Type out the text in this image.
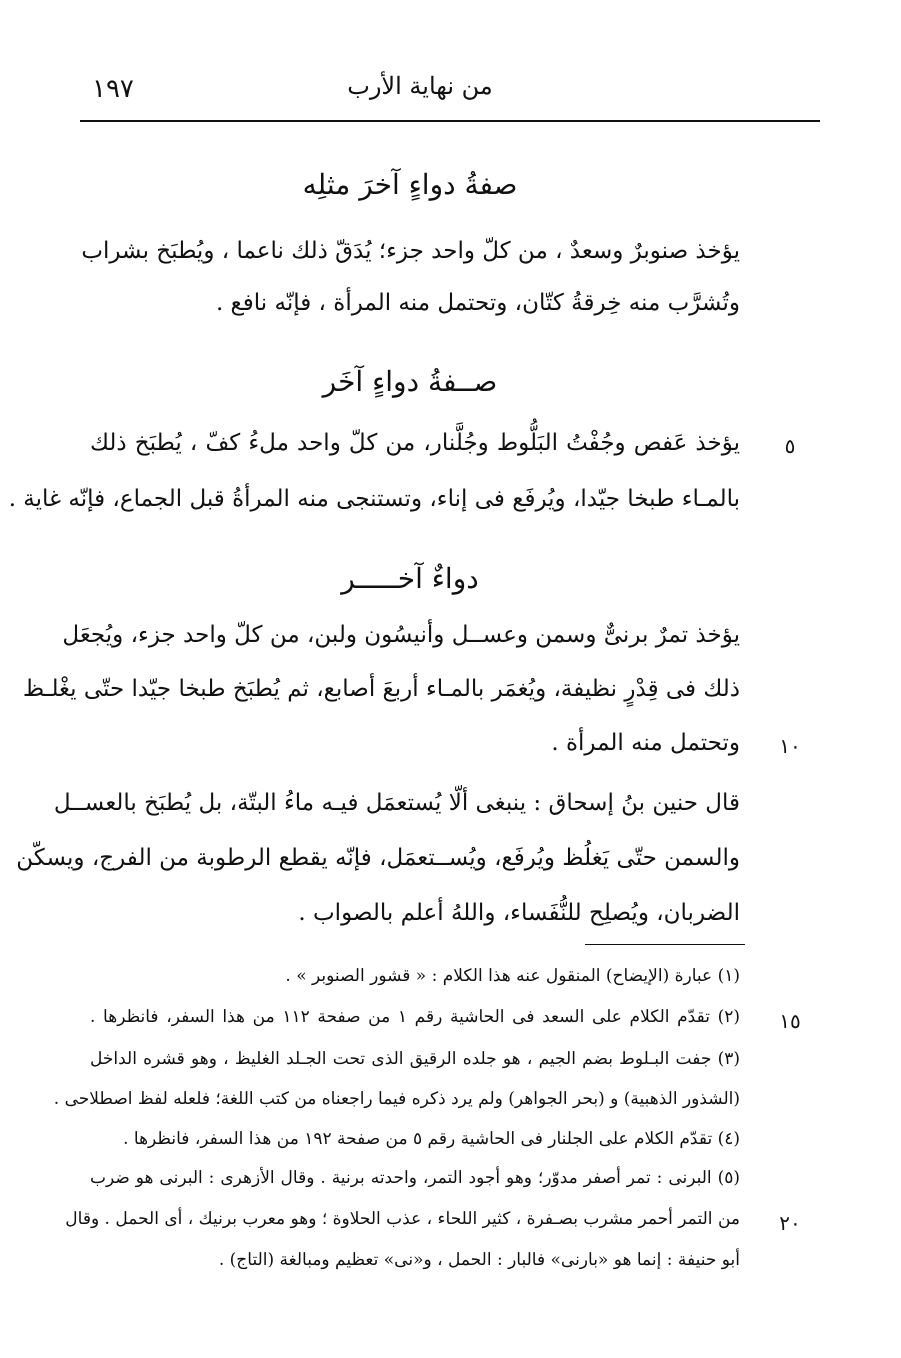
١٩٧	من نهاية الأرب
صفةُ دواءٍ آخرَ مثلِه
يؤخذ صنوبرٌ وسعدٌ ، من كلّ واحد جزء؛ يُدَقّ ذلك ناعما ، ويُطبَخ بشراب
وتُشرَّب منه خِرقةُ كتّان، وتحتمل منه المرأة ، فإنّه نافع .
صــفةُ دواءٍ آخَر
يؤخذ عَفص وجُفْتُ البَلُّوط وجُلَّنار، من كلّ واحد ملءُ كفّ ، يُطبَخ ذلك	٥
بالمـاء طبخا جيّدا، ويُرفَع فى إناء، وتستنجى منه المرأةُ قبل الجماع، فإنّه غاية .
دواءٌ آخـــــر
يؤخذ تمرٌ برنىٌّ وسمن وعســل وأنيسُون ولبن، من كلّ واحد جزء، ويُجعَل
ذلك فى قِدْرٍ نظيفة، ويُغمَر بالمـاء أربعَ أصابع، ثم يُطبَخ طبخا جيّدا حتّى يغْلـظ
وتحتمل منه المرأة . ١٠
قال حنين بنُ إسحاق : ينبغى ألّا يُستعمَل فيـه ماءُ البتّة، بل يُطبَخ بالعســل
والسمن حتّى يَغلُظ ويُرفَع، ويُســتعمَل، فإنّه يقطع الرطوبة من الفرج، ويسكّن
الضربان، ويُصلِح للنُّفَساء، واللهُ أعلم بالصواب .
(١) عبارة (الإيضاح) المنقول عنه هذا الكلام : « قشور الصنوبر » .
(٢) تقدّم الكلام على السعد فى الحاشية رقم ١ من صفحة ١١٢ من هذا السفر، فانظرها . ١٥
(٣) جفت البـلوط بضم الجيم ، هو جلده الرقيق الذى تحت الجـلد الغليظ ، وهو قشره الداخل
(الشذور الذهبية) و (بحر الجواهر) ولم يرد ذكره فيما راجعناه من كتب اللغة؛ فلعله لفظ اصطلاحى .
(٤) تقدّم الكلام على الجلنار فى الحاشية رقم ٥ من صفحة ١٩٢ من هذا السفر، فانظرها .
(٥) البرنى : تمر أصفر مدوّر؛ وهو أجود التمر، واحدته برنية . وقال الأزهرى : البرنى هو ضرب
من التمر أحمر مشرب بصـفرة ، كثير اللحاء ، عذب الحلاوة ؛ وهو معرب برنيك ، أى الحمل . وقال ٢٠
أبو حنيفة : إنما هو «بارنى» فالبار : الحمل ، و«نى» تعظيم ومبالغة (التاج) .
